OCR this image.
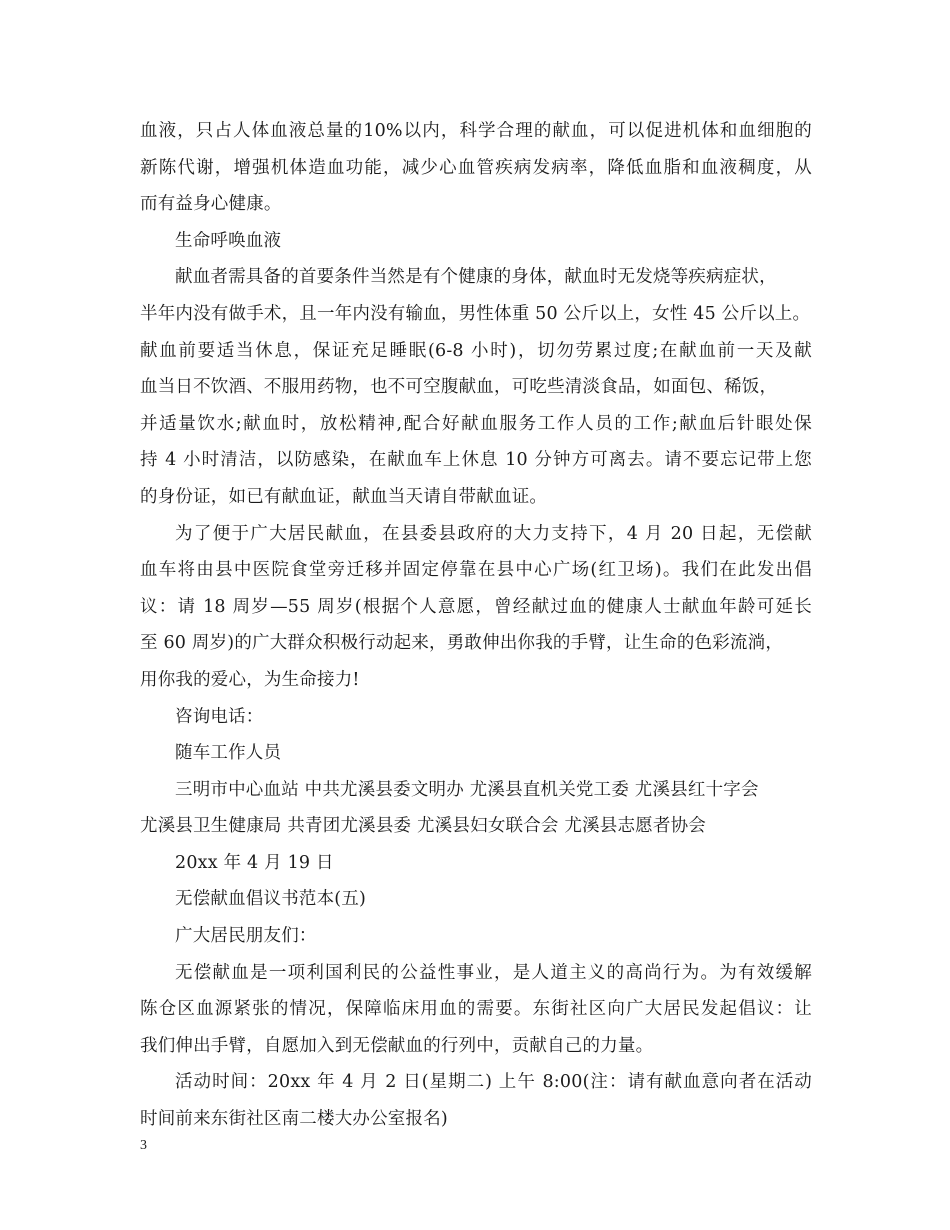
血液，只占人体血液总量的10%以内，科学合理的献血，可以促进机体和血细胞的
新陈代谢，增强机体造血功能，减少心血管疾病发病率，降低血脂和血液稠度，从
而有益身心健康。
生命呼唤血液
献血者需具备的首要条件当然是有个健康的身体，献血时无发烧等疾病症状，
半年内没有做手术，且一年内没有输血，男性体重 50 公斤以上，女性 45 公斤以上。
献血前要适当休息，保证充足睡眠(6-8 小时)，切勿劳累过度;在献血前一天及献
血当日不饮酒、不服用药物，也不可空腹献血，可吃些清淡食品，如面包、稀饭，
并适量饮水;献血时，放松精神,配合好献血服务工作人员的工作;献血后针眼处保
持 4 小时清洁，以防感染，在献血车上休息 10 分钟方可离去。请不要忘记带上您
的身份证，如已有献血证，献血当天请自带献血证。
为了便于广大居民献血，在县委县政府的大力支持下，4 月 20 日起，无偿献
血车将由县中医院食堂旁迁移并固定停靠在县中心广场(红卫场)。我们在此发出倡
议：请 18 周岁—55 周岁(根据个人意愿，曾经献过血的健康人士献血年龄可延长
至 60 周岁)的广大群众积极行动起来，勇敢伸出你我的手臂，让生命的色彩流淌，
用你我的爱心，为生命接力!
咨询电话：
随车工作人员
三明市中心血站 中共尤溪县委文明办 尤溪县直机关党工委 尤溪县红十字会
尤溪县卫生健康局 共青团尤溪县委 尤溪县妇女联合会 尤溪县志愿者协会
20xx 年 4 月 19 日
无偿献血倡议书范本(五)
广大居民朋友们：
无偿献血是一项利国利民的公益性事业，是人道主义的高尚行为。为有效缓解
陈仓区血源紧张的情况，保障临床用血的需要。东街社区向广大居民发起倡议：让
我们伸出手臂，自愿加入到无偿献血的行列中，贡献自己的力量。
活动时间：20xx 年 4 月 2 日(星期二) 上午 8:00(注：请有献血意向者在活动
时间前来东街社区南二楼大办公室报名)
3
